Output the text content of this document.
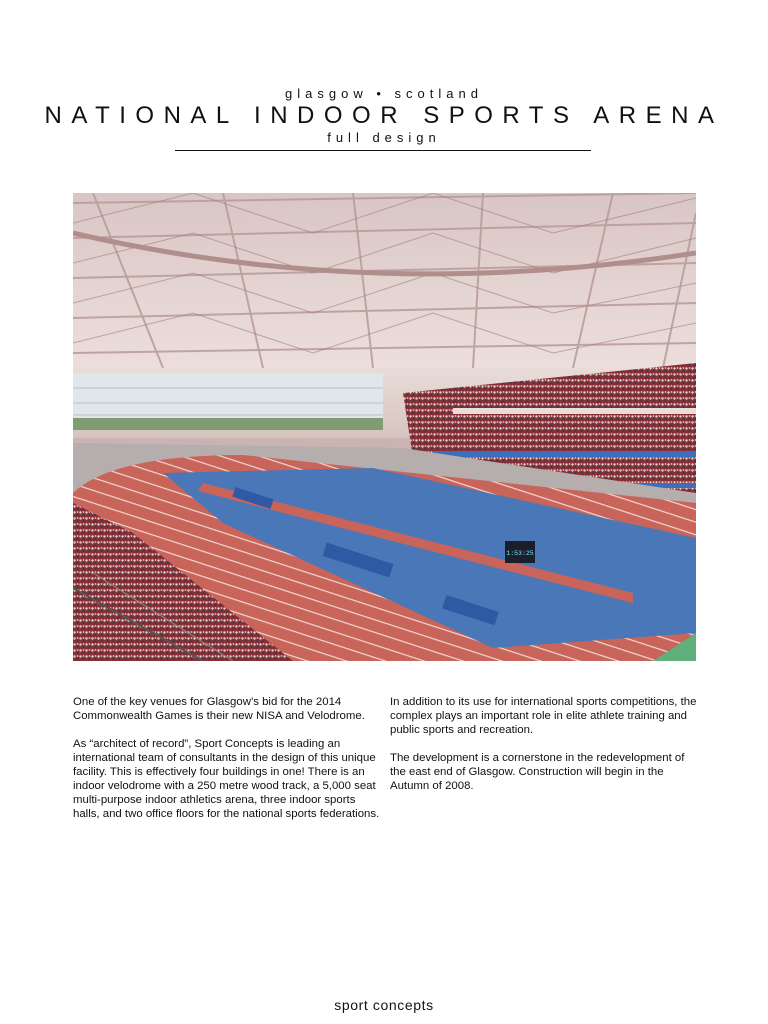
glasgow • scotland
NATIONAL INDOOR SPORTS ARENA
full design
1:53:25

One of the key venues for Glasgow’s bid for the 2014 Commonwealth Games is their new NISA and Velodrome.

As “architect of record”, Sport Concepts is leading an international team of consultants in the design of this unique facility. This is effectively four buildings in one! There is an indoor velodrome with a 250 metre wood track, a 5,000 seat multi-purpose indoor athletics arena, three indoor sports halls, and two office floors for the national sports federations.

In addition to its use for international sports competitions, the complex plays an important role in elite athlete training and public sports and recreation.

The development is a cornerstone in the redevelopment of the east end of Glasgow. Construction will begin in the Autumn of 2008.

sport concepts
